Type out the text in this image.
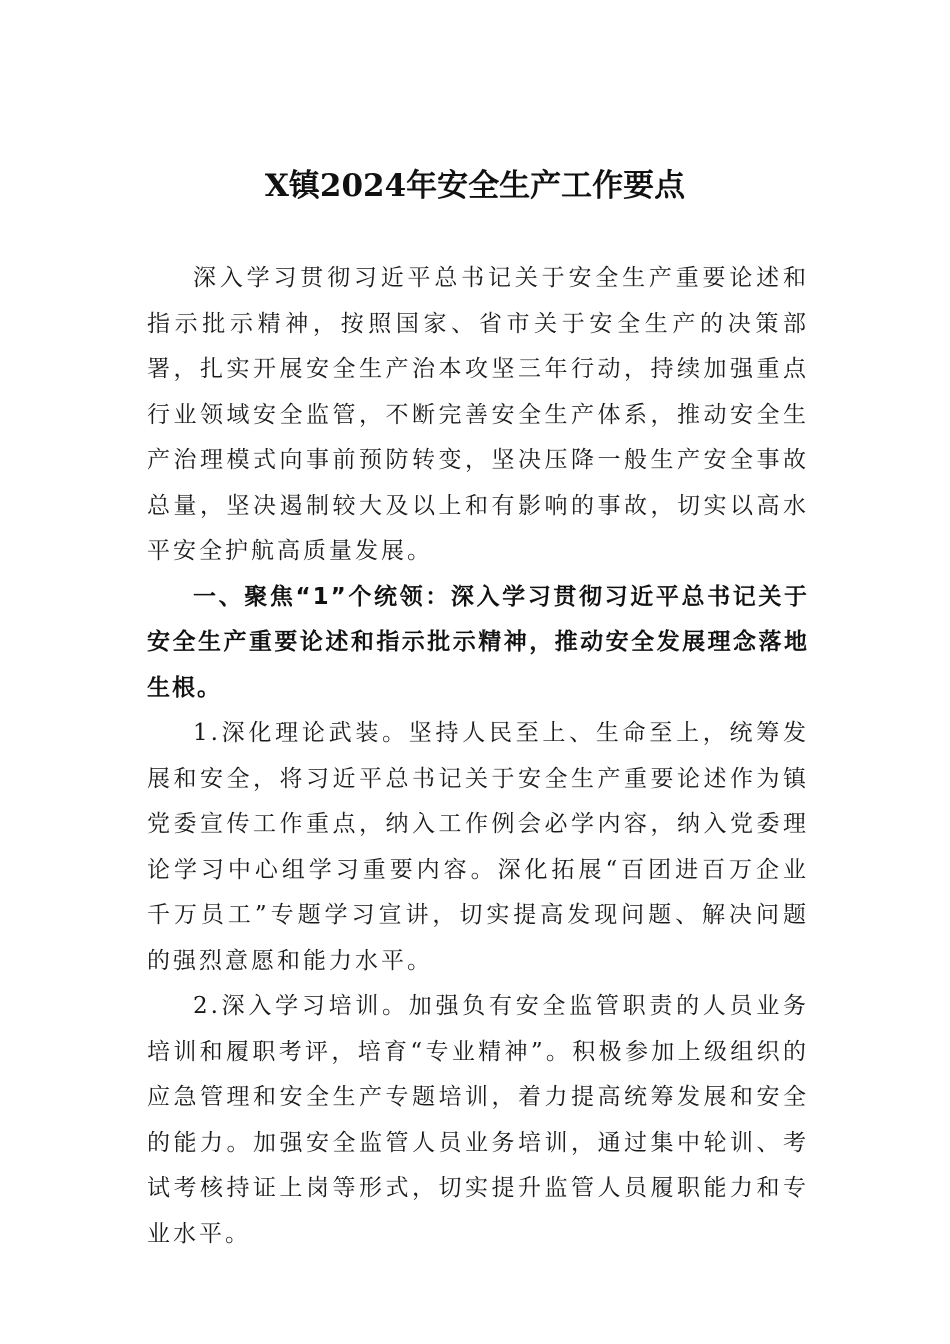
X镇2024年安全生产工作要点

深入学习贯彻习近平总书记关于安全生产重要论述和指示批示精神，按照国家、省市关于安全生产的决策部署，扎实开展安全生产治本攻坚三年行动，持续加强重点行业领域安全监管，不断完善安全生产体系，推动安全生产治理模式向事前预防转变，坚决压降一般生产安全事故总量，坚决遏制较大及以上和有影响的事故，切实以高水平安全护航高质量发展。

一、聚焦“1”个统领：深入学习贯彻习近平总书记关于安全生产重要论述和指示批示精神，推动安全发展理念落地生根。

1.深化理论武装。坚持人民至上、生命至上，统筹发展和安全，将习近平总书记关于安全生产重要论述作为镇党委宣传工作重点，纳入工作例会必学内容，纳入党委理论学习中心组学习重要内容。深化拓展“百团进百万企业千万员工”专题学习宣讲，切实提高发现问题、解决问题的强烈意愿和能力水平。

2.深入学习培训。加强负有安全监管职责的人员业务培训和履职考评，培育“专业精神”。积极参加上级组织的应急管理和安全生产专题培训，着力提高统筹发展和安全的能力。加强安全监管人员业务培训，通过集中轮训、考试考核持证上岗等形式，切实提升监管人员履职能力和专业水平。
